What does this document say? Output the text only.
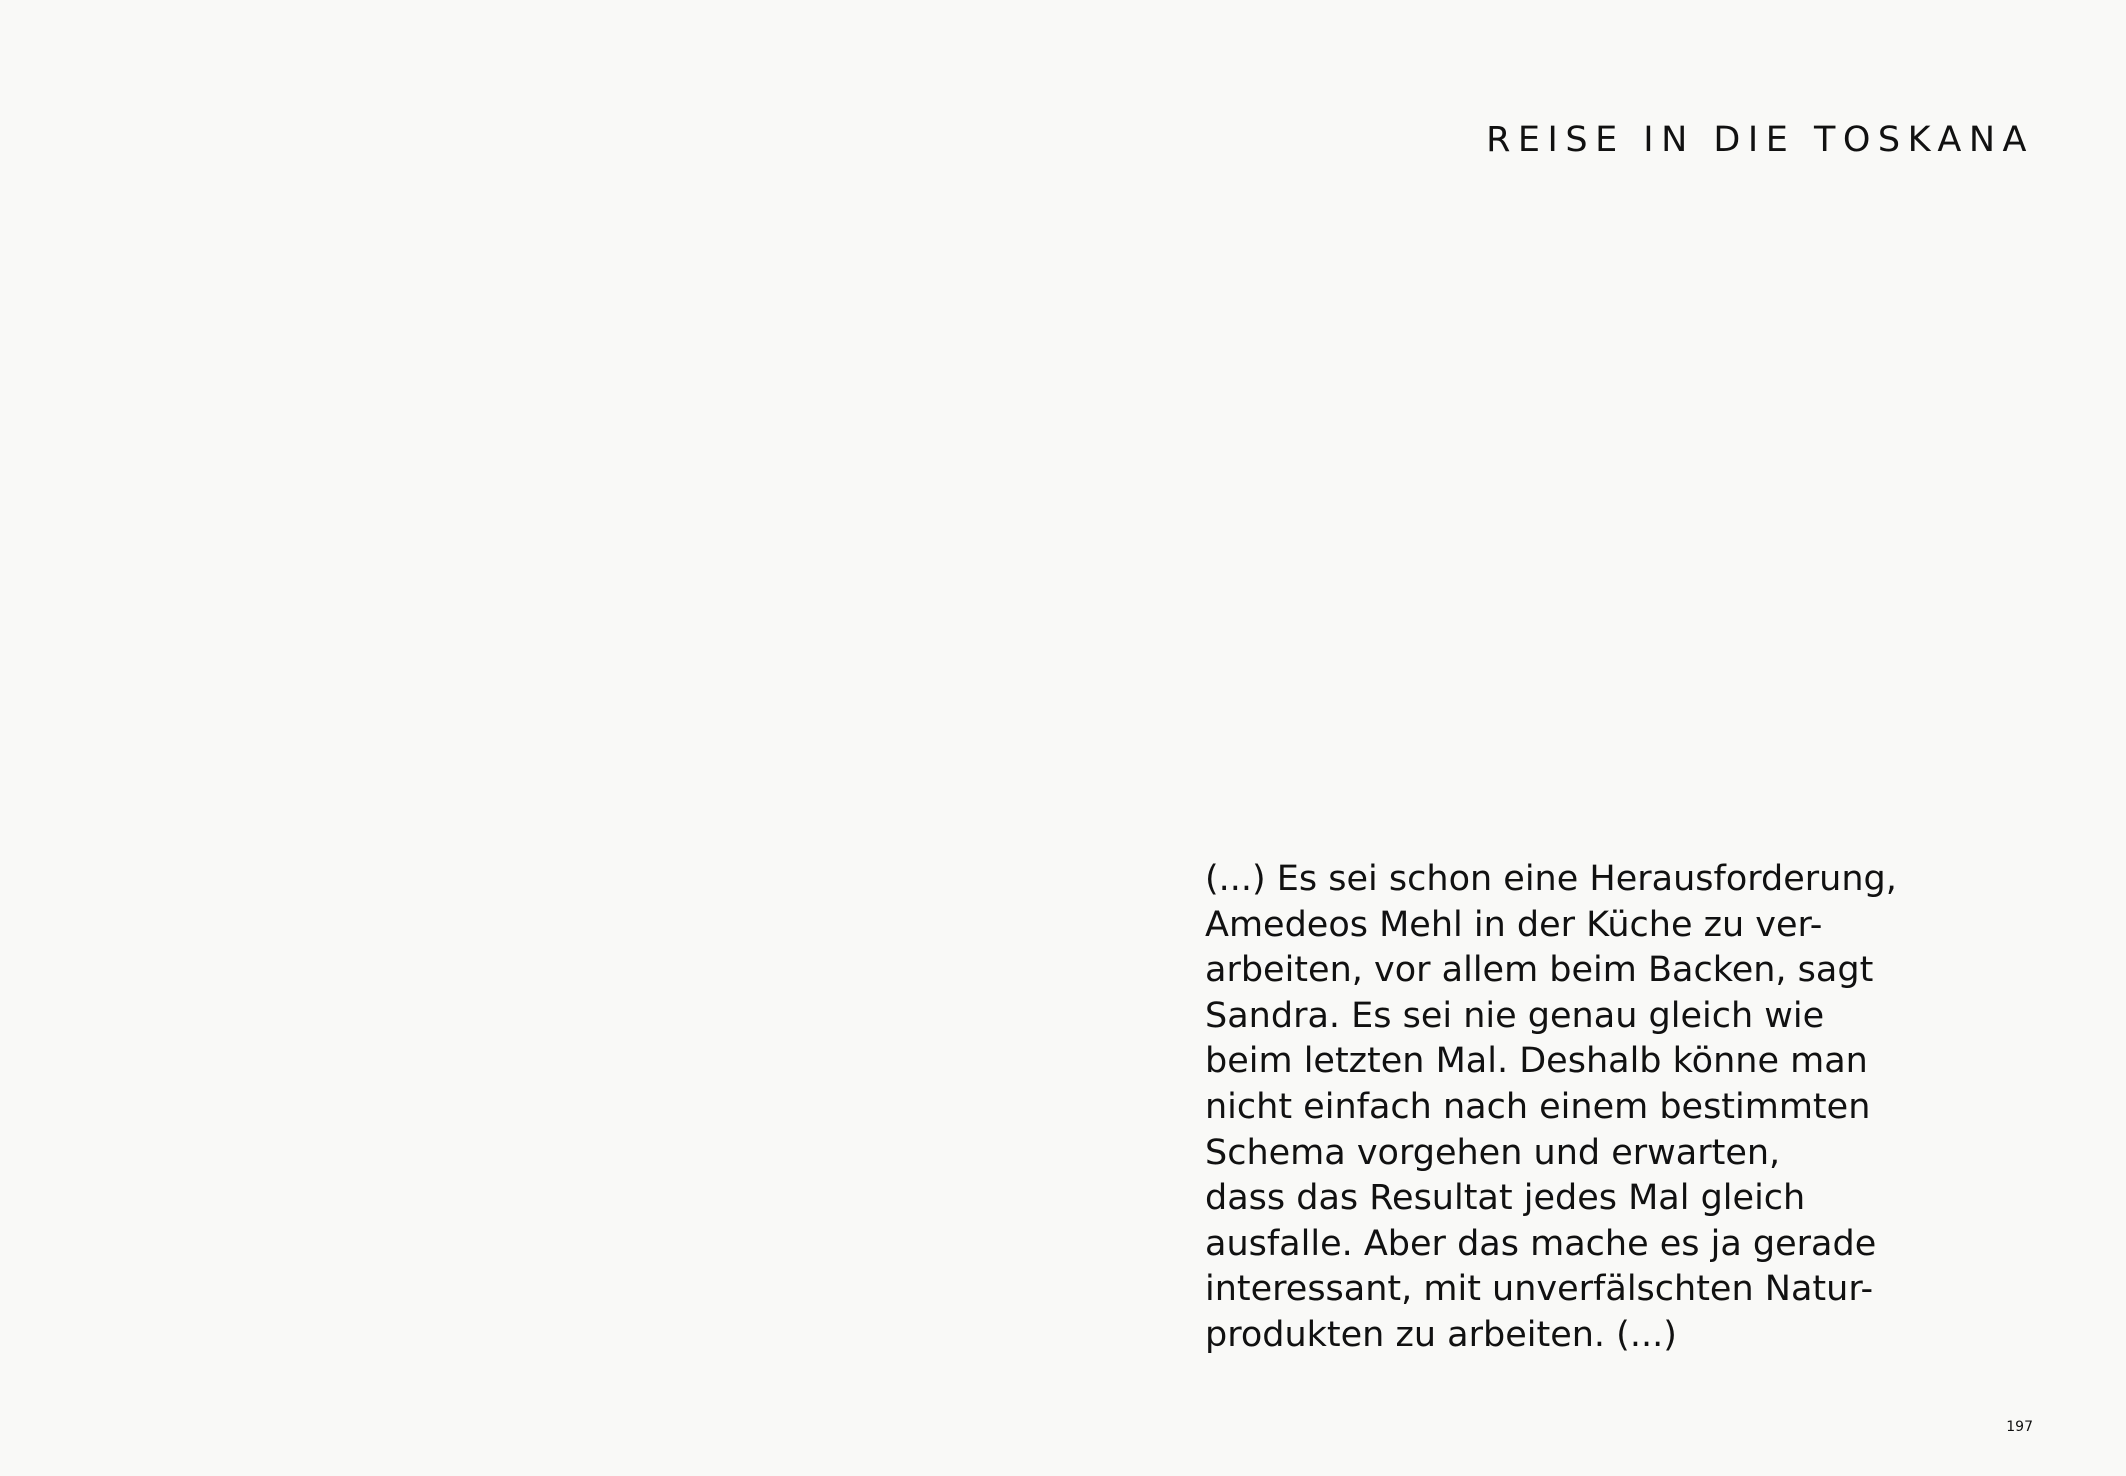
REISE IN DIE TOSKANA
(...) Es sei schon eine Herausforderung,
Amedeos Mehl in der Küche zu ver-
arbeiten, vor allem beim Backen, sagt
Sandra. Es sei nie genau gleich wie
beim letzten Mal. Deshalb könne man
nicht einfach nach einem bestimmten
Schema vorgehen und erwarten,
dass das Resultat jedes Mal gleich
ausfalle. Aber das mache es ja gerade
interessant, mit unverfälschten Natur-
produkten zu arbeiten. (...)
197
